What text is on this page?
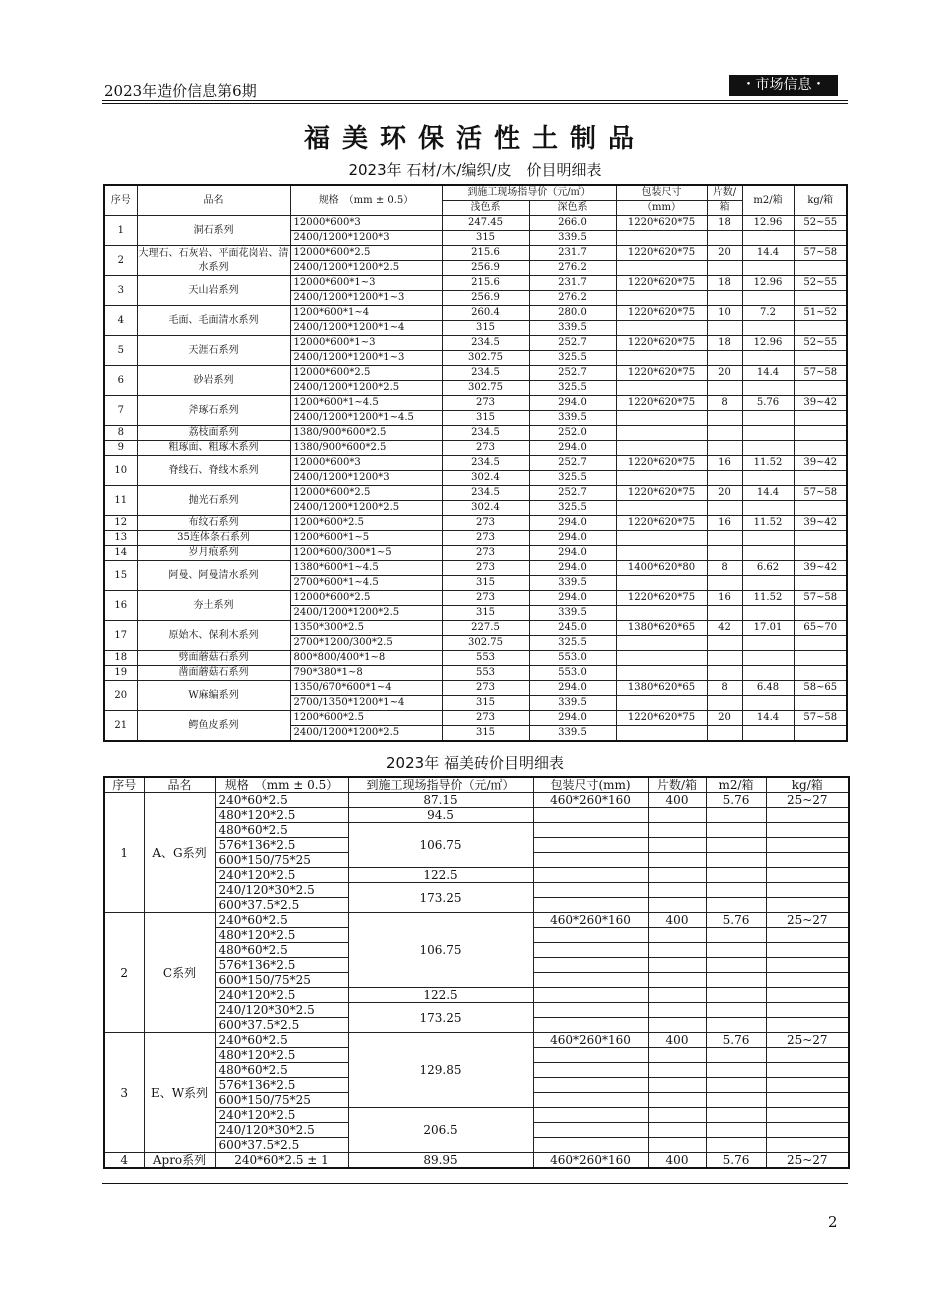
2023年造价信息第6期	・市场信息・
福美环保活性土制品
2023年 石材/木/编织/皮　价目明细表
序号	品名	规格　（mm ± 0.5）	到施工现场指导价（元/㎡）		包装尺寸	片数/	m2/箱	kg/箱
			浅色系	深色系	（mm）	箱		
1	洞石系列	12000*600*3	247.45	266.0	1220*620*75	18	12.96	52~55
		2400/1200*1200*3	315	339.5				
2	大理石、石灰岩、平面花岗岩、清水系列	12000*600*2.5	215.6	231.7	1220*620*75	20	14.4	57~58
		2400/1200*1200*2.5	256.9	276.2				
3	天山岩系列	12000*600*1~3	215.6	231.7	1220*620*75	18	12.96	52~55
		2400/1200*1200*1~3	256.9	276.2				
4	毛面、毛面清水系列	1200*600*1~4	260.4	280.0	1220*620*75	10	7.2	51~52
		2400/1200*1200*1~4	315	339.5				
5	天涯石系列	12000*600*1~3	234.5	252.7	1220*620*75	18	12.96	52~55
		2400/1200*1200*1~3	302.75	325.5				
6	砂岩系列	12000*600*2.5	234.5	252.7	1220*620*75	20	14.4	57~58
		2400/1200*1200*2.5	302.75	325.5				
7	斧琢石系列	1200*600*1~4.5	273	294.0	1220*620*75	8	5.76	39~42
		2400/1200*1200*1~4.5	315	339.5				
8	荔枝面系列	1380/900*600*2.5	234.5	252.0				
9	粗琢面、粗琢木系列	1380/900*600*2.5	273	294.0				
10	脊线石、脊线木系列	12000*600*3	234.5	252.7	1220*620*75	16	11.52	39~42
		2400/1200*1200*3	302.4	325.5				
11	抛光石系列	12000*600*2.5	234.5	252.7	1220*620*75	20	14.4	57~58
		2400/1200*1200*2.5	302.4	325.5				
12	布纹石系列	1200*600*2.5	273	294.0	1220*620*75	16	11.52	39~42
13	35连体条石系列	1200*600*1~5	273	294.0				
14	岁月痕系列	1200*600/300*1~5	273	294.0				
15	阿曼、阿曼清水系列	1380*600*1~4.5	273	294.0	1400*620*80	8	6.62	39~42
		2700*600*1~4.5	315	339.5				
16	夯土系列	12000*600*2.5	273	294.0	1220*620*75	16	11.52	57~58
		2400/1200*1200*2.5	315	339.5				
17	原始木、保利木系列	1350*300*2.5	227.5	245.0	1380*620*65	42	17.01	65~70
		2700*1200/300*2.5	302.75	325.5				
18	劈面蘑菇石系列	800*800/400*1~8	553	553.0				
19	凿面蘑菇石系列	790*380*1~8	553	553.0				
20	W麻编系列	1350/670*600*1~4	273	294.0	1380*620*65	8	6.48	58~65
		2700/1350*1200*1~4	315	339.5				
21	鳄鱼皮系列	1200*600*2.5	273	294.0	1220*620*75	20	14.4	57~58
		2400/1200*1200*2.5	315	339.5				
2023年 福美砖价目明细表
序号	品名	规格　（mm ± 0.5）	到施工现场指导价（元/㎡）	包装尺寸(mm)	片数/箱	m2/箱	kg/箱
1	A、G系列	240*60*2.5	87.15	460*260*160	400	5.76	25~27
		480*120*2.5	94.5				
		480*60*2.5	106.75				
		576*136*2.5					
		600*150/75*25					
		240*120*2.5	122.5				
		240/120*30*2.5	173.25				
		600*37.5*2.5					
2	C系列	240*60*2.5	106.75	460*260*160	400	5.76	25~27
		480*120*2.5					
		480*60*2.5					
		576*136*2.5					
		600*150/75*25					
		240*120*2.5	122.5				
		240/120*30*2.5	173.25				
		600*37.5*2.5					
3	E、W系列	240*60*2.5	129.85	460*260*160	400	5.76	25~27
		480*120*2.5					
		480*60*2.5					
		576*136*2.5					
		600*150/75*25					
		240*120*2.5	206.5				
		240/120*30*2.5					
		600*37.5*2.5					
4	Apro系列	240*60*2.5 ± 1	89.95	460*260*160	400	5.76	25~27
2
